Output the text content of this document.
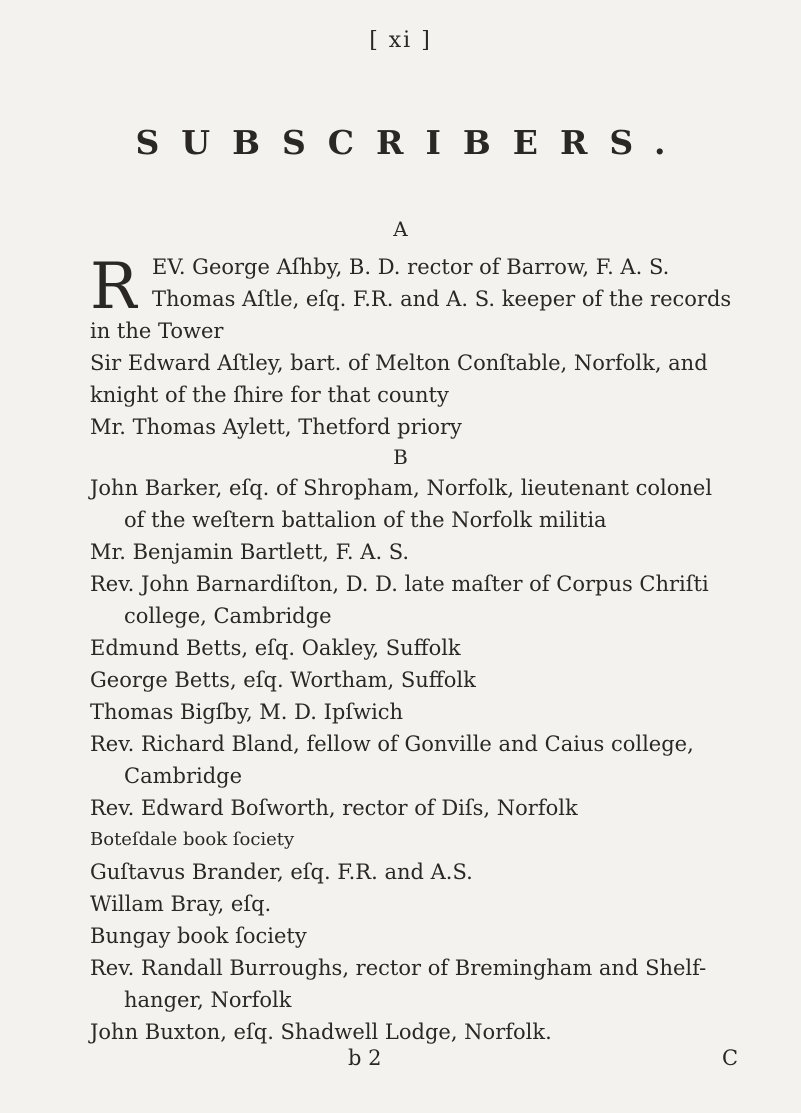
[ xi ]
SUBSCRIBERS.
A
R EV. George Aſhby, B. D. rector of Barrow, F. A. S.
Thomas Aſtle, eſq. F.R. and A. S. keeper of the records
in the Tower
Sir Edward Aſtley, bart. of Melton Conſtable, Norfolk, and
knight of the ſhire for that county
Mr. Thomas Aylett, Thetford priory
B
John Barker, eſq. of Shropham, Norfolk, lieutenant colonel
of the weſtern battalion of the Norfolk militia
Mr. Benjamin Bartlett, F. A. S.
Rev. John Barnardiſton, D. D. late maſter of Corpus Chriſti
college, Cambridge
Edmund Betts, eſq. Oakley, Suffolk
George Betts, eſq. Wortham, Suffolk
Thomas Bigſby, M. D. Ipſwich
Rev. Richard Bland, fellow of Gonville and Caius college,
Cambridge
Rev. Edward Boſworth, rector of Diſs, Norfolk
Boteſdale book ſociety
Guſtavus Brander, eſq. F.R. and A.S.
Willam Bray, eſq.
Bungay book ſociety
Rev. Randall Burroughs, rector of Bremingham and Shelf-
hanger, Norfolk
John Buxton, eſq. Shadwell Lodge, Norfolk.
b 2	C
